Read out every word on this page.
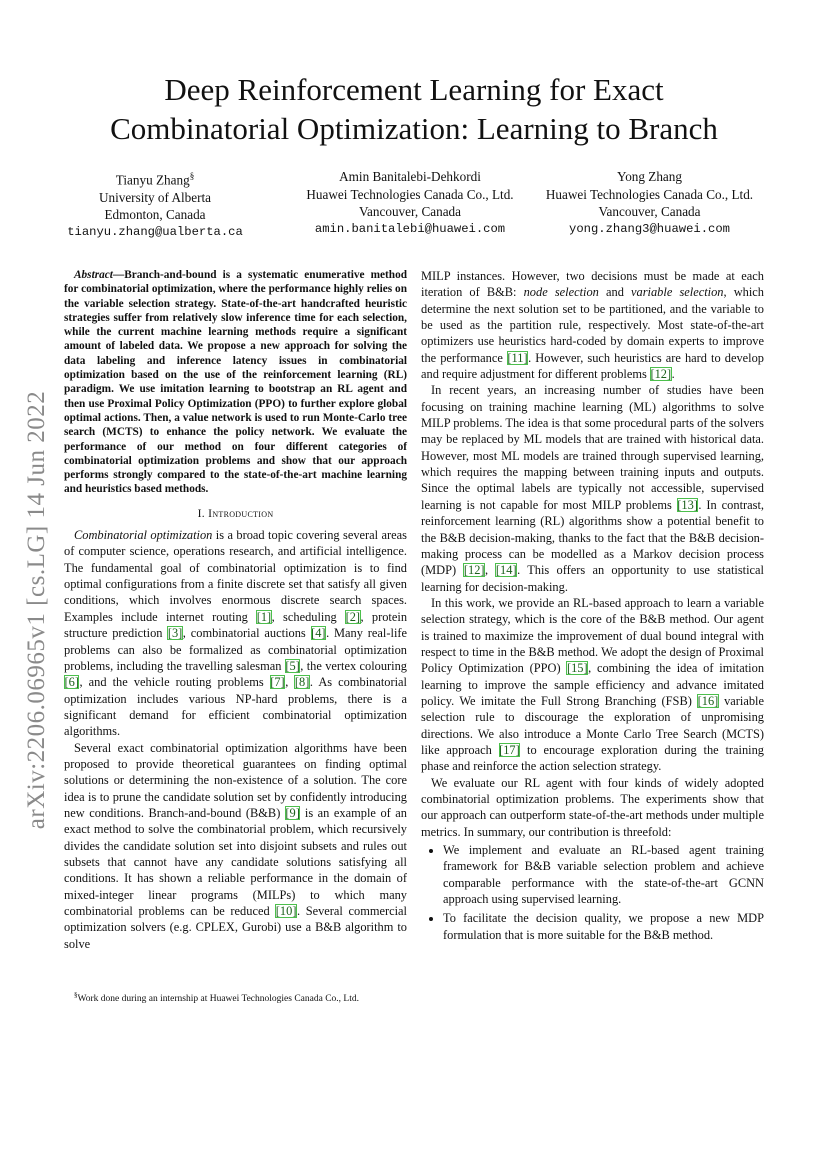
arXiv:2206.06965v1 [cs.LG] 14 Jun 2022
Deep Reinforcement Learning for Exact
Combinatorial Optimization: Learning to Branch
Tianyu Zhang§
University of Alberta
Edmonton, Canada
tianyu.zhang@ualberta.ca
Amin Banitalebi-Dehkordi
Huawei Technologies Canada Co., Ltd.
Vancouver, Canada
amin.banitalebi@huawei.com
Yong Zhang
Huawei Technologies Canada Co., Ltd.
Vancouver, Canada
yong.zhang3@huawei.com

Abstract—Branch-and-bound is a systematic enumerative method for combinatorial optimization, where the performance highly relies on the variable selection strategy. State-of-the-art handcrafted heuristic strategies suffer from relatively slow inference time for each selection, while the current machine learning methods require a significant amount of labeled data. We propose a new approach for solving the data labeling and inference latency issues in combinatorial optimization based on the use of the reinforcement learning (RL) paradigm. We use imitation learning to bootstrap an RL agent and then use Proximal Policy Optimization (PPO) to further explore global optimal actions. Then, a value network is used to run Monte-Carlo tree search (MCTS) to enhance the policy network. We evaluate the performance of our method on four different categories of combinatorial optimization problems and show that our approach performs strongly compared to the state-of-the-art machine learning and heuristics based methods.

I. Introduction

Combinatorial optimization is a broad topic covering several areas of computer science, operations research, and artificial intelligence. The fundamental goal of combinatorial optimization is to find optimal configurations from a finite discrete set that satisfy all given conditions, which involves enormous discrete search spaces. Examples include internet routing [1], scheduling [2], protein structure prediction [3], combinatorial auctions [4]. Many real-life problems can also be formalized as combinatorial optimization problems, including the travelling salesman [5], the vertex colouring [6], and the vehicle routing problems [7], [8]. As combinatorial optimization includes various NP-hard problems, there is a significant demand for efficient combinatorial optimization algorithms.

Several exact combinatorial optimization algorithms have been proposed to provide theoretical guarantees on finding optimal solutions or determining the non-existence of a solution. The core idea is to prune the candidate solution set by confidently introducing new conditions. Branch-and-bound (B&B) [9] is an example of an exact method to solve the combinatorial problem, which recursively divides the candidate solution set into disjoint subsets and rules out subsets that cannot have any candidate solutions satisfying all conditions. It has shown a reliable performance in the domain of mixed-integer linear programs (MILPs) to which many combinatorial problems can be reduced [10]. Several commercial optimization solvers (e.g. CPLEX, Gurobi) use a B&B algorithm to solve

§Work done during an internship at Huawei Technologies Canada Co., Ltd.

MILP instances. However, two decisions must be made at each iteration of B&B: node selection and variable selection, which determine the next solution set to be partitioned, and the variable to be used as the partition rule, respectively. Most state-of-the-art optimizers use heuristics hard-coded by domain experts to improve the performance [11]. However, such heuristics are hard to develop and require adjustment for different problems [12].

In recent years, an increasing number of studies have been focusing on training machine learning (ML) algorithms to solve MILP problems. The idea is that some procedural parts of the solvers may be replaced by ML models that are trained with historical data. However, most ML models are trained through supervised learning, which requires the mapping between training inputs and outputs. Since the optimal labels are typically not accessible, supervised learning is not capable for most MILP problems [13]. In contrast, reinforcement learning (RL) algorithms show a potential benefit to the B&B decision-making, thanks to the fact that the B&B decision-making process can be modelled as a Markov decision process (MDP) [12], [14]. This offers an opportunity to use statistical learning for decision-making.

In this work, we provide an RL-based approach to learn a variable selection strategy, which is the core of the B&B method. Our agent is trained to maximize the improvement of dual bound integral with respect to time in the B&B method. We adopt the design of Proximal Policy Optimization (PPO) [15], combining the idea of imitation learning to improve the sample efficiency and advance imitated policy. We imitate the Full Strong Branching (FSB) [16] variable selection rule to discourage the exploration of unpromising directions. We also introduce a Monte Carlo Tree Search (MCTS) like approach [17] to encourage exploration during the training phase and reinforce the action selection strategy.

We evaluate our RL agent with four kinds of widely adopted combinatorial optimization problems. The experiments show that our approach can outperform state-of-the-art methods under multiple metrics. In summary, our contribution is threefold:

• We implement and evaluate an RL-based agent training framework for B&B variable selection problem and achieve comparable performance with the state-of-the-art GCNN approach using supervised learning.
• To facilitate the decision quality, we propose a new MDP formulation that is more suitable for the B&B method.
